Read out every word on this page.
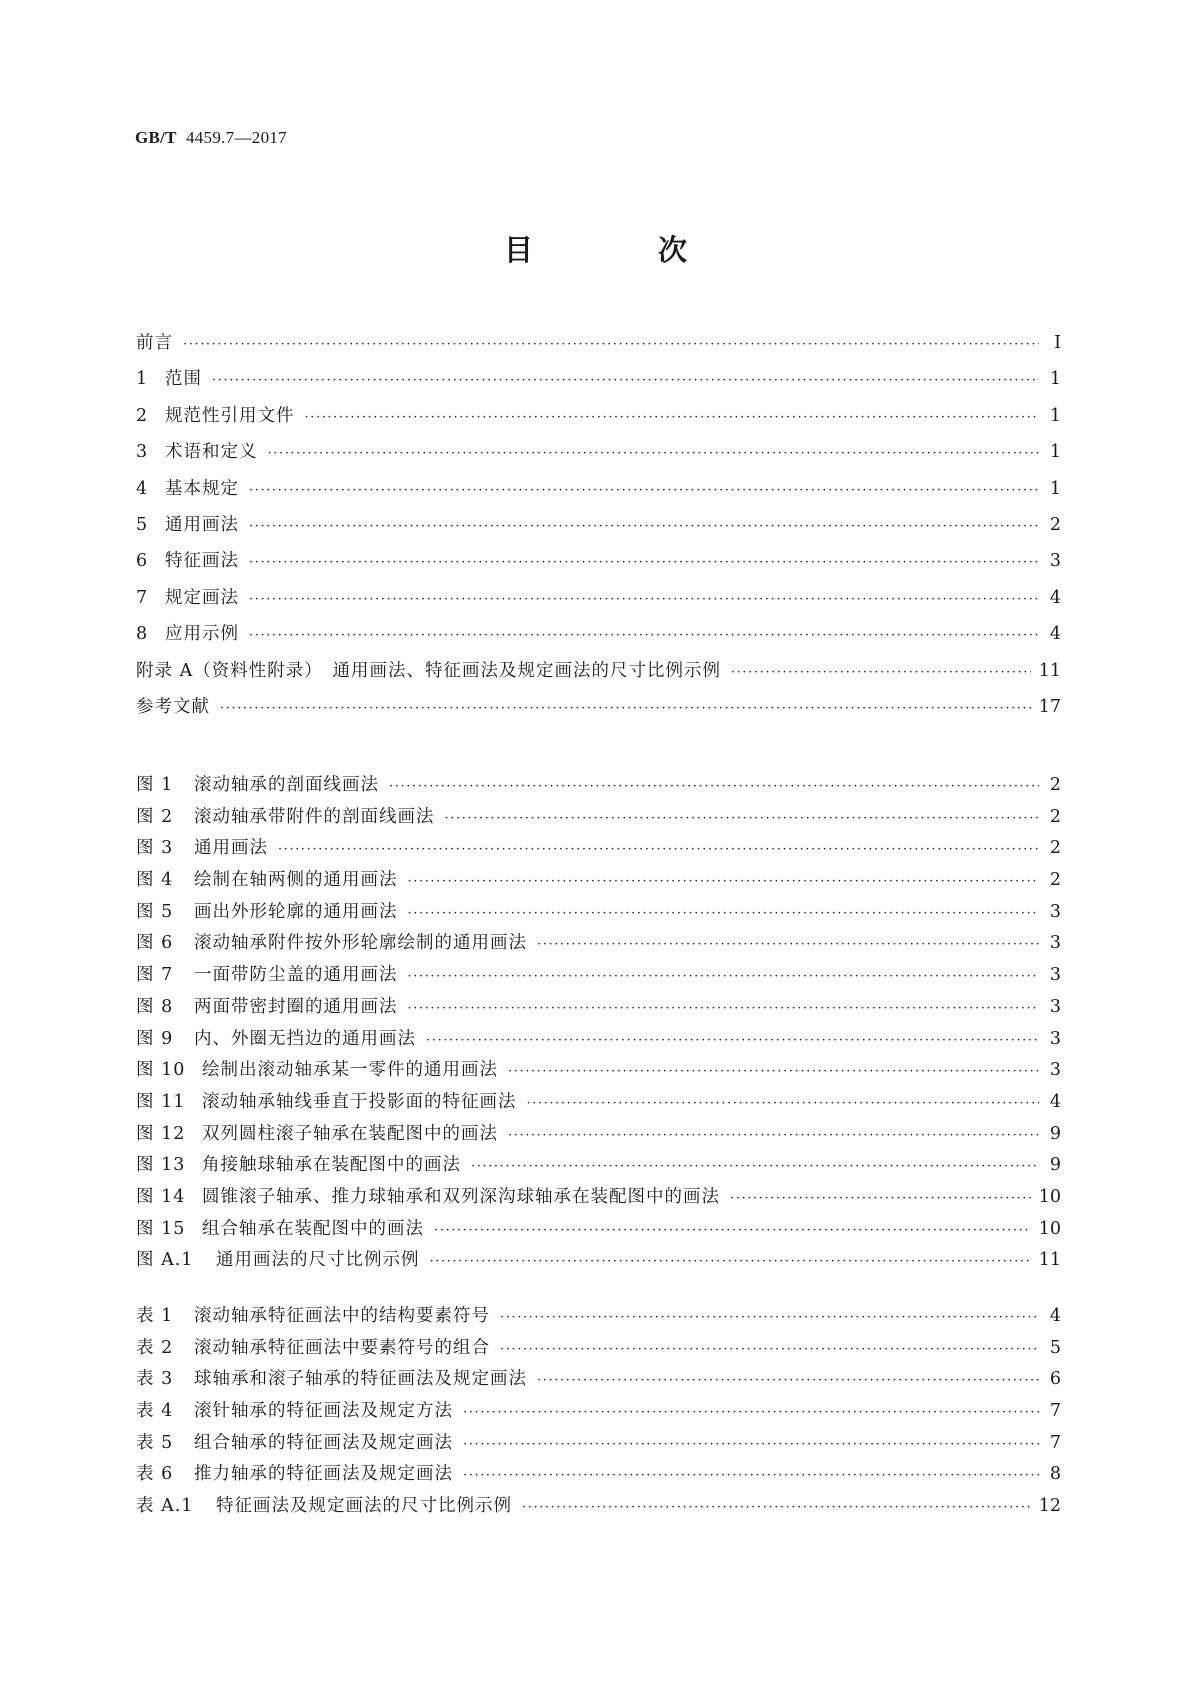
GB/T 4459.7—2017
目　次
前言 ·····	Ⅰ
1 范围 ·····	1
2 规范性引用文件 ·····	1
3 术语和定义 ·····	1
4 基本规定 ·····	1
5 通用画法 ·····	2
6 特征画法 ·····	3
7 规定画法 ·····	4
8 应用示例 ·····	4
附录 A（资料性附录）　通用画法、特征画法及规定画法的尺寸比例示例 ·····	11
参考文献 ·····	17
图 1 滚动轴承的剖面线画法 ·····	2
图 2 滚动轴承带附件的剖面线画法 ·····	2
图 3 通用画法 ·····	2
图 4 绘制在轴两侧的通用画法 ·····	2
图 5 画出外形轮廓的通用画法 ·····	3
图 6 滚动轴承附件按外形轮廓绘制的通用画法 ·····	3
图 7 一面带防尘盖的通用画法 ·····	3
图 8 两面带密封圈的通用画法 ·····	3
图 9 内、外圈无挡边的通用画法 ·····	3
图 10 绘制出滚动轴承某一零件的通用画法 ·····	3
图 11 滚动轴承轴线垂直于投影面的特征画法 ·····	4
图 12 双列圆柱滚子轴承在装配图中的画法 ·····	9
图 13 角接触球轴承在装配图中的画法 ·····	9
图 14 圆锥滚子轴承、推力球轴承和双列深沟球轴承在装配图中的画法 ·····	10
图 15 组合轴承在装配图中的画法 ·····	10
图 A.1 通用画法的尺寸比例示例 ·····	11
表 1 滚动轴承特征画法中的结构要素符号 ·····	4
表 2 滚动轴承特征画法中要素符号的组合 ·····	5
表 3 球轴承和滚子轴承的特征画法及规定画法 ·····	6
表 4 滚针轴承的特征画法及规定方法 ·····	7
表 5 组合轴承的特征画法及规定画法 ·····	7
表 6 推力轴承的特征画法及规定画法 ·····	8
表 A.1 特征画法及规定画法的尺寸比例示例 ·····	12
